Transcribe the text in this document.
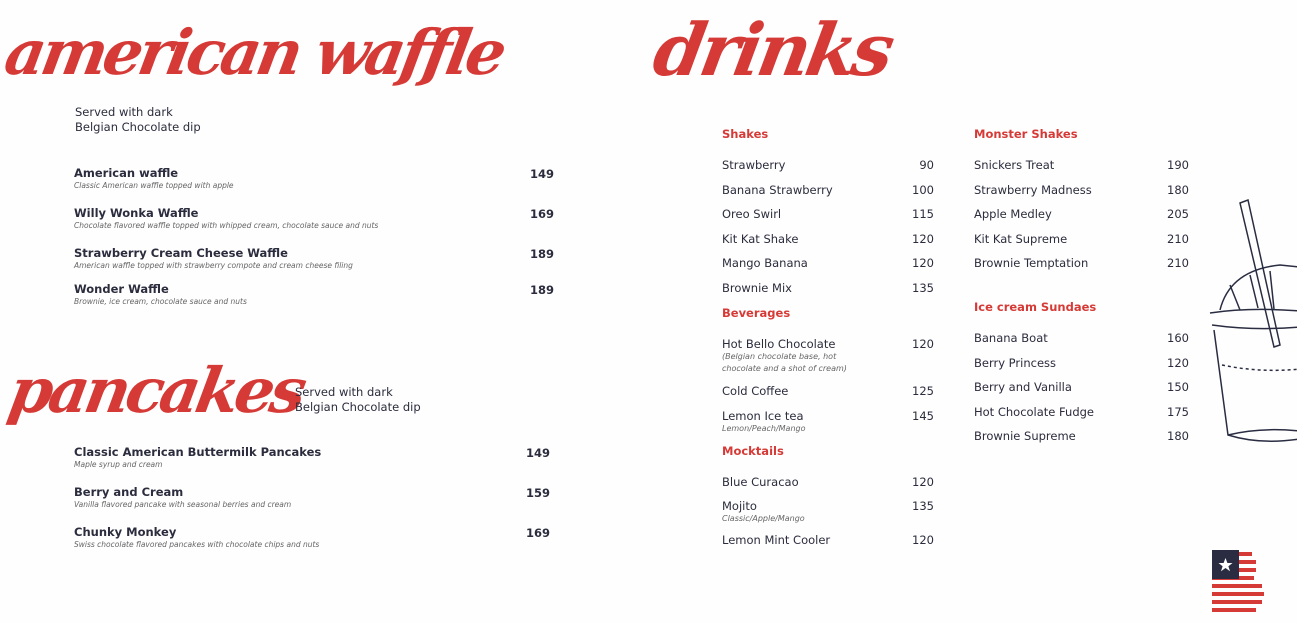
american waffle
Served with dark
Belgian Chocolate dip
American waffle
Classic American waffle topped with apple
149
Willy Wonka Waffle
Chocolate flavored waffle topped with whipped cream, chocolate sauce and nuts
169
Strawberry Cream Cheese Waffle
American waffle topped with strawberry compote and cream cheese filing
189
Wonder Waffle
Brownie, ice cream, chocolate sauce and nuts
189
pancakes
Served with dark
Belgian Chocolate dip
Classic American Buttermilk Pancakes
Maple syrup and cream
149
Berry and Cream
Vanilla flavored pancake with seasonal berries and cream
159
Chunky Monkey
Swiss chocolate flavored pancakes with chocolate chips and nuts
169
drinks
Shakes
Strawberry	90
Banana Strawberry	100
Oreo Swirl	115
Kit Kat Shake	120
Mango Banana	120
Brownie Mix	135
Beverages
Hot Bello Chocolate
(Belgian chocolate base, hot chocolate and a shot of cream)
120
Cold Coffee	125
Lemon Ice tea
Lemon/Peach/Mango
145
Mocktails
Blue Curacao	120
Mojito
Classic/Apple/Mango
135
Lemon Mint Cooler	120
Monster Shakes
Snickers Treat	190
Strawberry Madness	180
Apple Medley	205
Kit Kat Supreme	210
Brownie Temptation	210
Ice cream Sundaes
Banana Boat	160
Berry Princess	120
Berry and Vanilla	150
Hot Chocolate Fudge	175
Brownie Supreme	180
